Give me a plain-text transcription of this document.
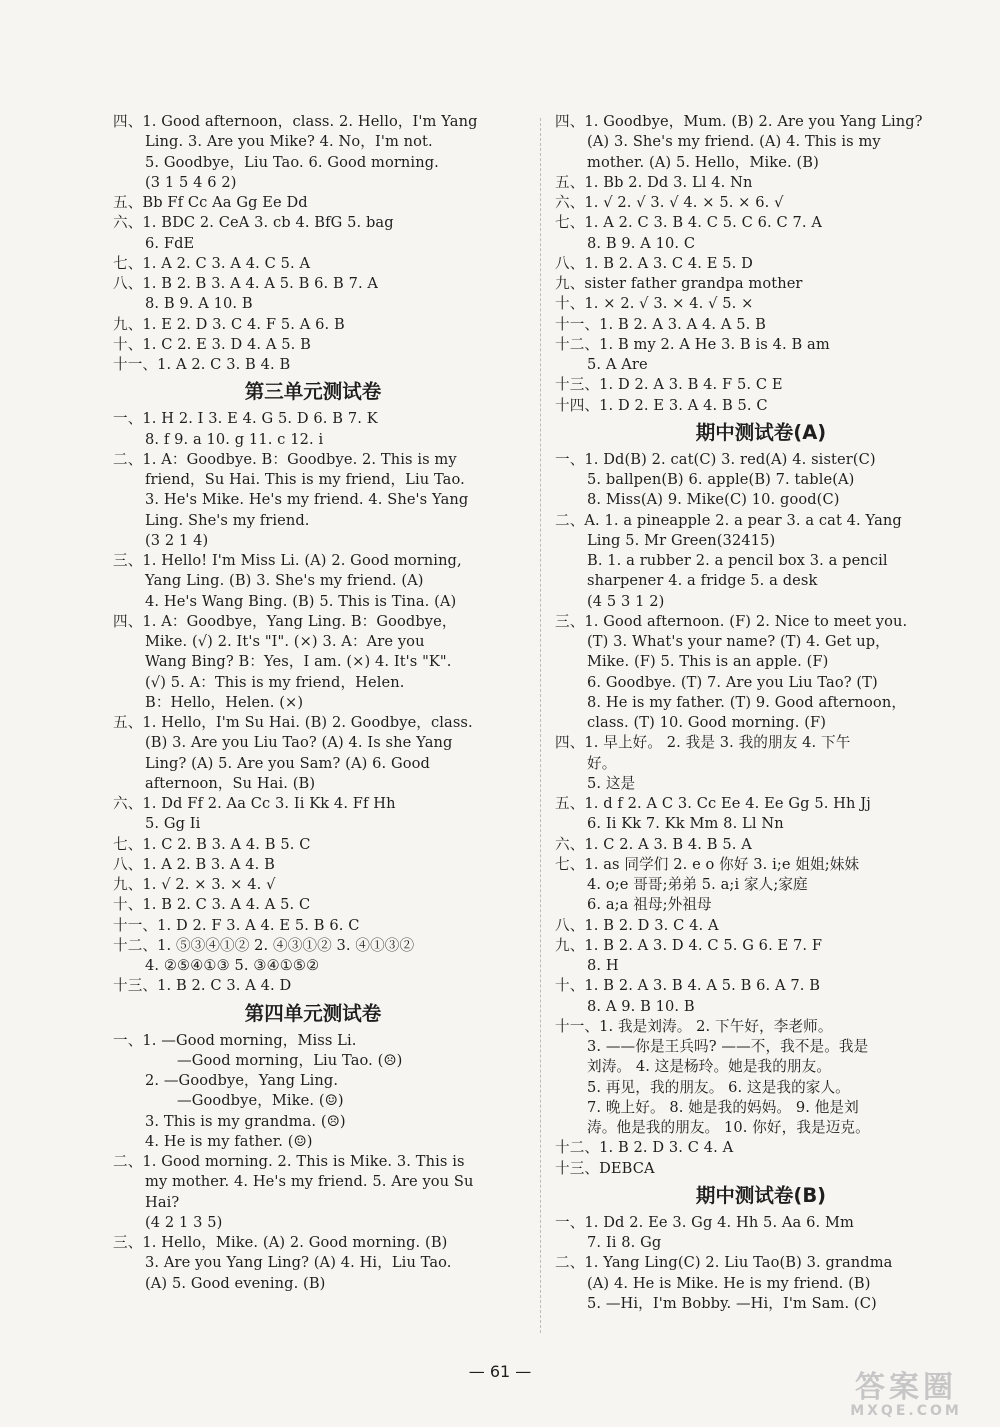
四、1. Good afternoon，class. 2. Hello，I'm Yang
Ling. 3. Are you Mike? 4. No，I'm not.
5. Goodbye，Liu Tao. 6. Good morning.
(3 1 5 4 6 2)
五、Bb Ff Cc Aa Gg Ee Dd
六、1. BDC 2. CeA 3. cb 4. BfG 5. bag
6. FdE
七、1. A 2. C 3. A 4. C 5. A
八、1. B 2. B 3. A 4. A 5. B 6. B 7. A
8. B 9. A 10. B
九、1. E 2. D 3. C 4. F 5. A 6. B
十、1. C 2. E 3. D 4. A 5. B
十一、1. A 2. C 3. B 4. B
第三单元测试卷
一、1. H 2. I 3. E 4. G 5. D 6. B 7. K
8. f 9. a 10. g 11. c 12. i
二、1. A：Goodbye. B：Goodbye. 2. This is my
friend，Su Hai. This is my friend，Liu Tao.
3. He's Mike. He's my friend. 4. She's Yang
Ling. She's my friend.
(3 2 1 4)
三、1. Hello! I'm Miss Li. (A) 2. Good morning,
Yang Ling. (B) 3. She's my friend. (A)
4. He's Wang Bing. (B) 5. This is Tina. (A)
四、1. A：Goodbye，Yang Ling. B：Goodbye，
Mike. (√) 2. It's "I". (×) 3. A：Are you
Wang Bing? B：Yes，I am. (×) 4. It's "K".
(√) 5. A：This is my friend，Helen.
B：Hello，Helen. (×)
五、1. Hello，I'm Su Hai. (B) 2. Goodbye，class.
(B) 3. Are you Liu Tao? (A) 4. Is she Yang
Ling? (A) 5. Are you Sam? (A) 6. Good
afternoon，Su Hai. (B)
六、1. Dd Ff 2. Aa Cc 3. Ii Kk 4. Ff Hh
5. Gg Ii
七、1. C 2. B 3. A 4. B 5. C
八、1. A 2. B 3. A 4. B
九、1. √ 2. × 3. × 4. √
十、1. B 2. C 3. A 4. A 5. C
十一、1. D 2. F 3. A 4. E 5. B 6. C
十二、1. ⑤③④①② 2. ④③①② 3. ④①③②
4. ②⑤④①③ 5. ③④①⑤②
十三、1. B 2. C 3. A 4. D
第四单元测试卷
一、1. —Good morning，Miss Li.
—Good morning，Liu Tao. (☹)
2. —Goodbye，Yang Ling.
—Goodbye，Mike. (☺)
3. This is my grandma. (☹)
4. He is my father. (☺)
二、1. Good morning. 2. This is Mike. 3. This is
my mother. 4. He's my friend. 5. Are you Su
Hai?
(4 2 1 3 5)
三、1. Hello，Mike. (A) 2. Good morning. (B)
3. Are you Yang Ling? (A) 4. Hi，Liu Tao.
(A) 5. Good evening. (B)
四、1. Goodbye，Mum. (B) 2. Are you Yang Ling?
(A) 3. She's my friend. (A) 4. This is my
mother. (A) 5. Hello，Mike. (B)
五、1. Bb 2. Dd 3. Ll 4. Nn
六、1. √ 2. √ 3. √ 4. × 5. × 6. √
七、1. A 2. C 3. B 4. C 5. C 6. C 7. A
8. B 9. A 10. C
八、1. B 2. A 3. C 4. E 5. D
九、sister father grandpa mother
十、1. × 2. √ 3. × 4. √ 5. ×
十一、1. B 2. A 3. A 4. A 5. B
十二、1. B my 2. A He 3. B is 4. B am
5. A Are
十三、1. D 2. A 3. B 4. F 5. C E
十四、1. D 2. E 3. A 4. B 5. C
期中测试卷(A)
一、1. Dd(B) 2. cat(C) 3. red(A) 4. sister(C)
5. ballpen(B) 6. apple(B) 7. table(A)
8. Miss(A) 9. Mike(C) 10. good(C)
二、A. 1. a pineapple 2. a pear 3. a cat 4. Yang
Ling 5. Mr Green(32415)
B. 1. a rubber 2. a pencil box 3. a pencil
sharpener 4. a fridge 5. a desk
(4 5 3 1 2)
三、1. Good afternoon. (F) 2. Nice to meet you.
(T) 3. What's your name? (T) 4. Get up，
Mike. (F) 5. This is an apple. (F)
6. Goodbye. (T) 7. Are you Liu Tao? (T)
8. He is my father. (T) 9. Good afternoon，
class. (T) 10. Good morning. (F)
四、1. 早上好。 2. 我是 3. 我的朋友 4. 下午
好。
5. 这是
五、1. d f 2. A C 3. Cc Ee 4. Ee Gg 5. Hh Jj
6. Ii Kk 7. Kk Mm 8. Ll Nn
六、1. C 2. A 3. B 4. B 5. A
七、1. as 同学们 2. e o 你好 3. i;e 姐姐;妹妹
4. o;e 哥哥;弟弟 5. a;i 家人;家庭
6. a;a 祖母;外祖母
八、1. B 2. D 3. C 4. A
九、1. B 2. A 3. D 4. C 5. G 6. E 7. F
8. H
十、1. B 2. A 3. B 4. A 5. B 6. A 7. B
8. A 9. B 10. B
十一、1. 我是刘涛。 2. 下午好，李老师。
3. ——你是王兵吗? ——不，我不是。我是
刘涛。 4. 这是杨玲。她是我的朋友。
5. 再见，我的朋友。 6. 这是我的家人。
7. 晚上好。 8. 她是我的妈妈。 9. 他是刘
涛。他是我的朋友。 10. 你好，我是迈克。
十二、1. B 2. D 3. C 4. A
十三、DEBCA
期中测试卷(B)
一、1. Dd 2. Ee 3. Gg 4. Hh 5. Aa 6. Mm
7. Ii 8. Gg
二、1. Yang Ling(C) 2. Liu Tao(B) 3. grandma
(A) 4. He is Mike. He is my friend. (B)
5. —Hi，I'm Bobby. —Hi，I'm Sam. (C)
— 61 —	答案圈
MXQE.COM
